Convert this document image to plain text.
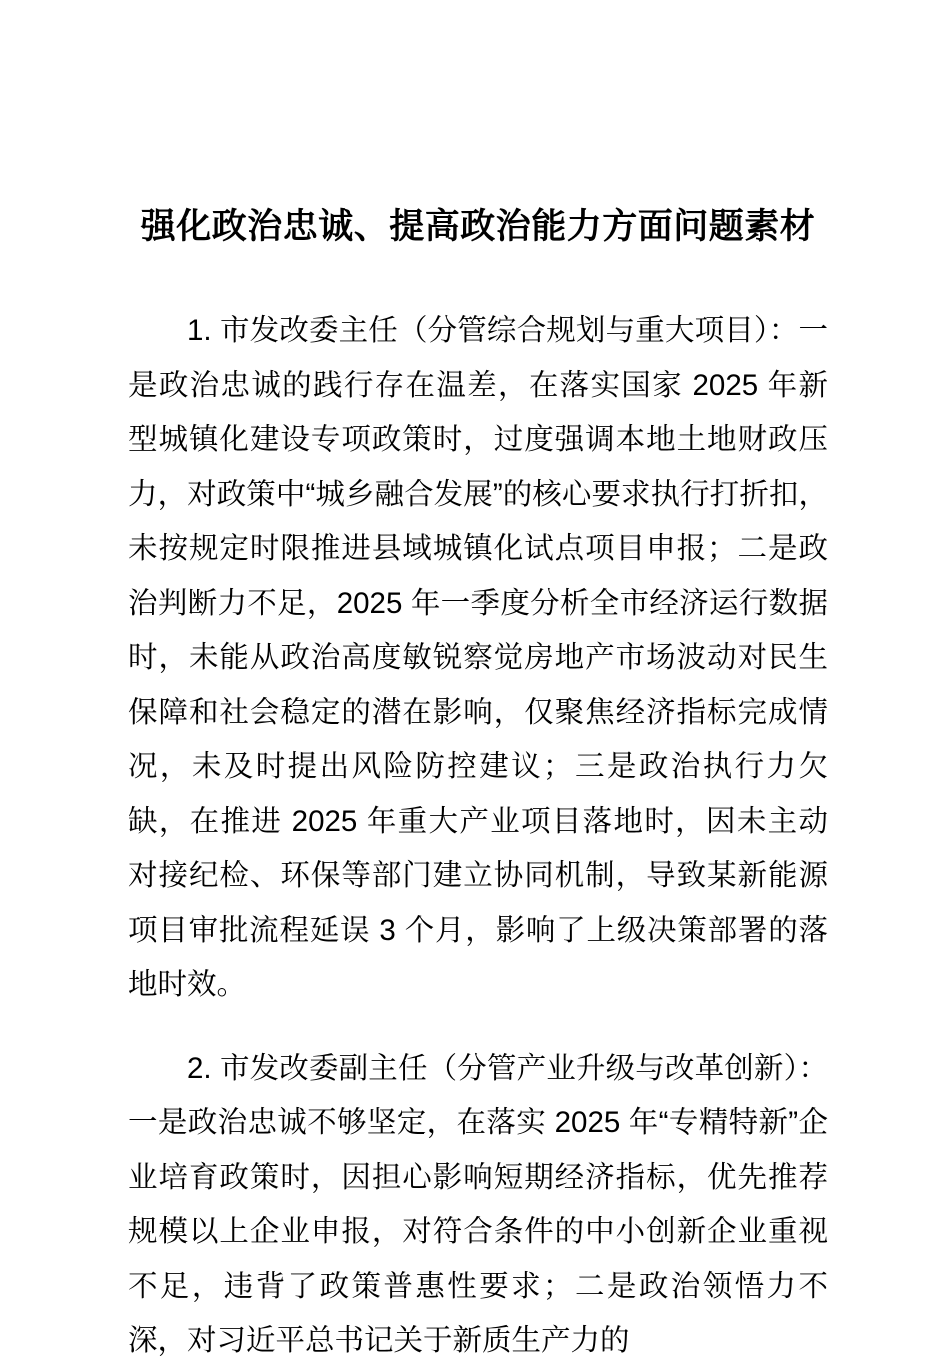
强化政治忠诚、提高政治能力方面问题素材

1. 市发改委主任（分管综合规划与重大项目）：一是政治忠诚的践行存在温差，在落实国家 2025 年新型城镇化建设专项政策时，过度强调本地土地财政压力，对政策中“城乡融合发展”的核心要求执行打折扣，未按规定时限推进县域城镇化试点项目申报；二是政治判断力不足，2025 年一季度分析全市经济运行数据时，未能从政治高度敏锐察觉房地产市场波动对民生保障和社会稳定的潜在影响，仅聚焦经济指标完成情况，未及时提出风险防控建议；三是政治执行力欠缺，在推进 2025 年重大产业项目落地时，因未主动对接纪检、环保等部门建立协同机制，导致某新能源项目审批流程延误 3 个月，影响了上级决策部署的落地时效。

2. 市发改委副主任（分管产业升级与改革创新）：一是政治忠诚不够坚定，在落实 2025 年“专精特新”企业培育政策时，因担心影响短期经济指标，优先推荐规模以上企业申报，对符合条件的中小创新企业重视不足，违背了政策普惠性要求；二是政治领悟力不深，对习近平总书记关于新质生产力的
